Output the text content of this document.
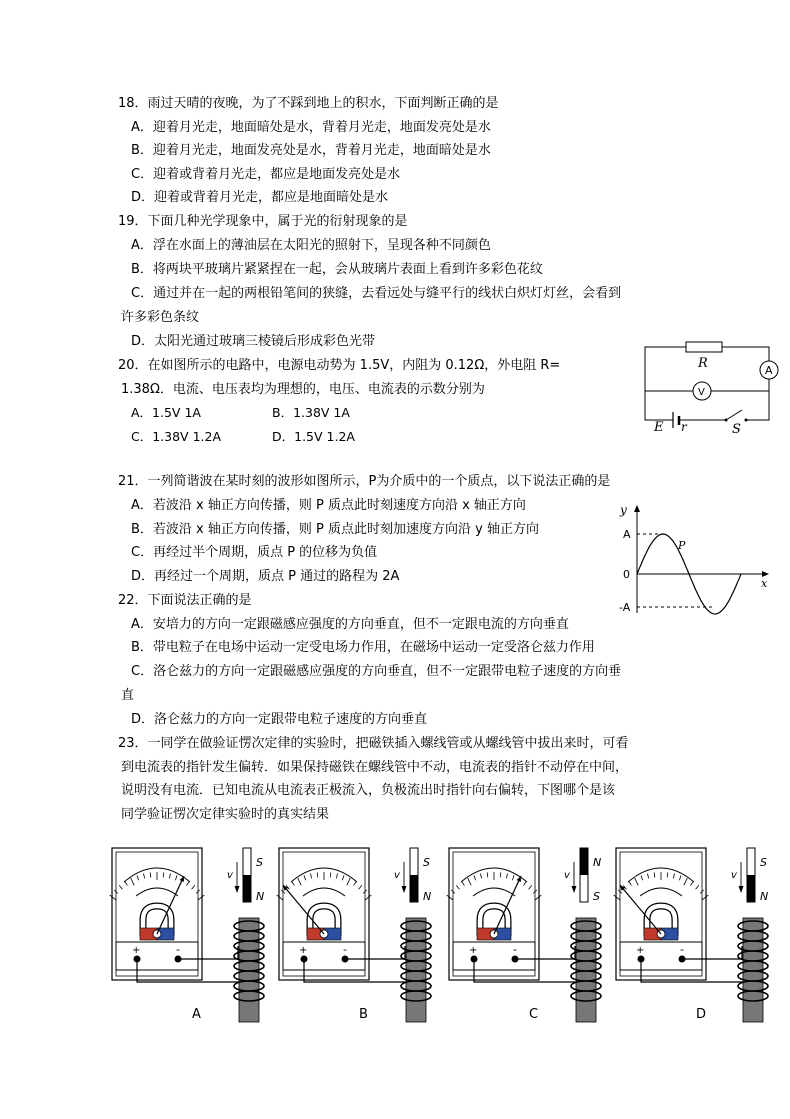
18．雨过天晴的夜晚，为了不踩到地上的积水，下面判断正确的是
A．迎着月光走，地面暗处是水，背着月光走，地面发亮处是水
B．迎着月光走，地面发亮处是水，背着月光走，地面暗处是水
C．迎着或背着月光走，都应是地面发亮处是水
D．迎着或背着月光走，都应是地面暗处是水
19．下面几种光学现象中，属于光的衍射现象的是
A．浮在水面上的薄油层在太阳光的照射下，呈现各种不同颜色
B．将两块平玻璃片紧紧捏在一起，会从玻璃片表面上看到许多彩色花纹
C．通过并在一起的两根铅笔间的狭缝，去看远处与缝平行的线状白炽灯灯丝，会看到
许多彩色条纹
D．太阳光通过玻璃三棱镜后形成彩色光带
20．在如图所示的电路中，电源电动势为 1.5V，内阻为 0.12Ω，外电阻 R=
1.38Ω．电流、电压表均为理想的，电压、电流表的示数分别为
A．1.5V 1A	B．1.38V 1A
C．1.38V 1.2A	D．1.5V 1.2A
R	A
V
E r	S
21．一列简谐波在某时刻的波形如图所示，P为介质中的一个质点，以下说法正确的是
A．若波沿 x 轴正方向传播，则 P 质点此时刻速度方向沿 x 轴正方向
B．若波沿 x 轴正方向传播，则 P 质点此时刻加速度方向沿 y 轴正方向
C．再经过半个周期，质点 P 的位移为负值
D．再经过一个周期，质点 P 通过的路程为 2A
y
x
A
0
-A
P
22．下面说法正确的是
A．安培力的方向一定跟磁感应强度的方向垂直，但不一定跟电流的方向垂直
B．带电粒子在电场中运动一定受电场力作用，在磁场中运动一定受洛仑兹力作用
C．洛仑兹力的方向一定跟磁感应强度的方向垂直，但不一定跟带电粒子速度的方向垂
直
D．洛仑兹力的方向一定跟带电粒子速度的方向垂直
23．一同学在做验证愣次定律的实验时，把磁铁插入螺线管或从螺线管中拔出来时，可看
到电流表的指针发生偏转．如果保持磁铁在螺线管中不动，电流表的指针不动停在中间，
说明没有电流．已知电流从电流表正极流入，负极流出时指针向右偏转，下图哪个是该
同学验证愣次定律实验时的真实结果
+	-
S
N
v
A
+	-
S
N
v
B
+	-
N
S
v
C
+	-
S
N
v
D
